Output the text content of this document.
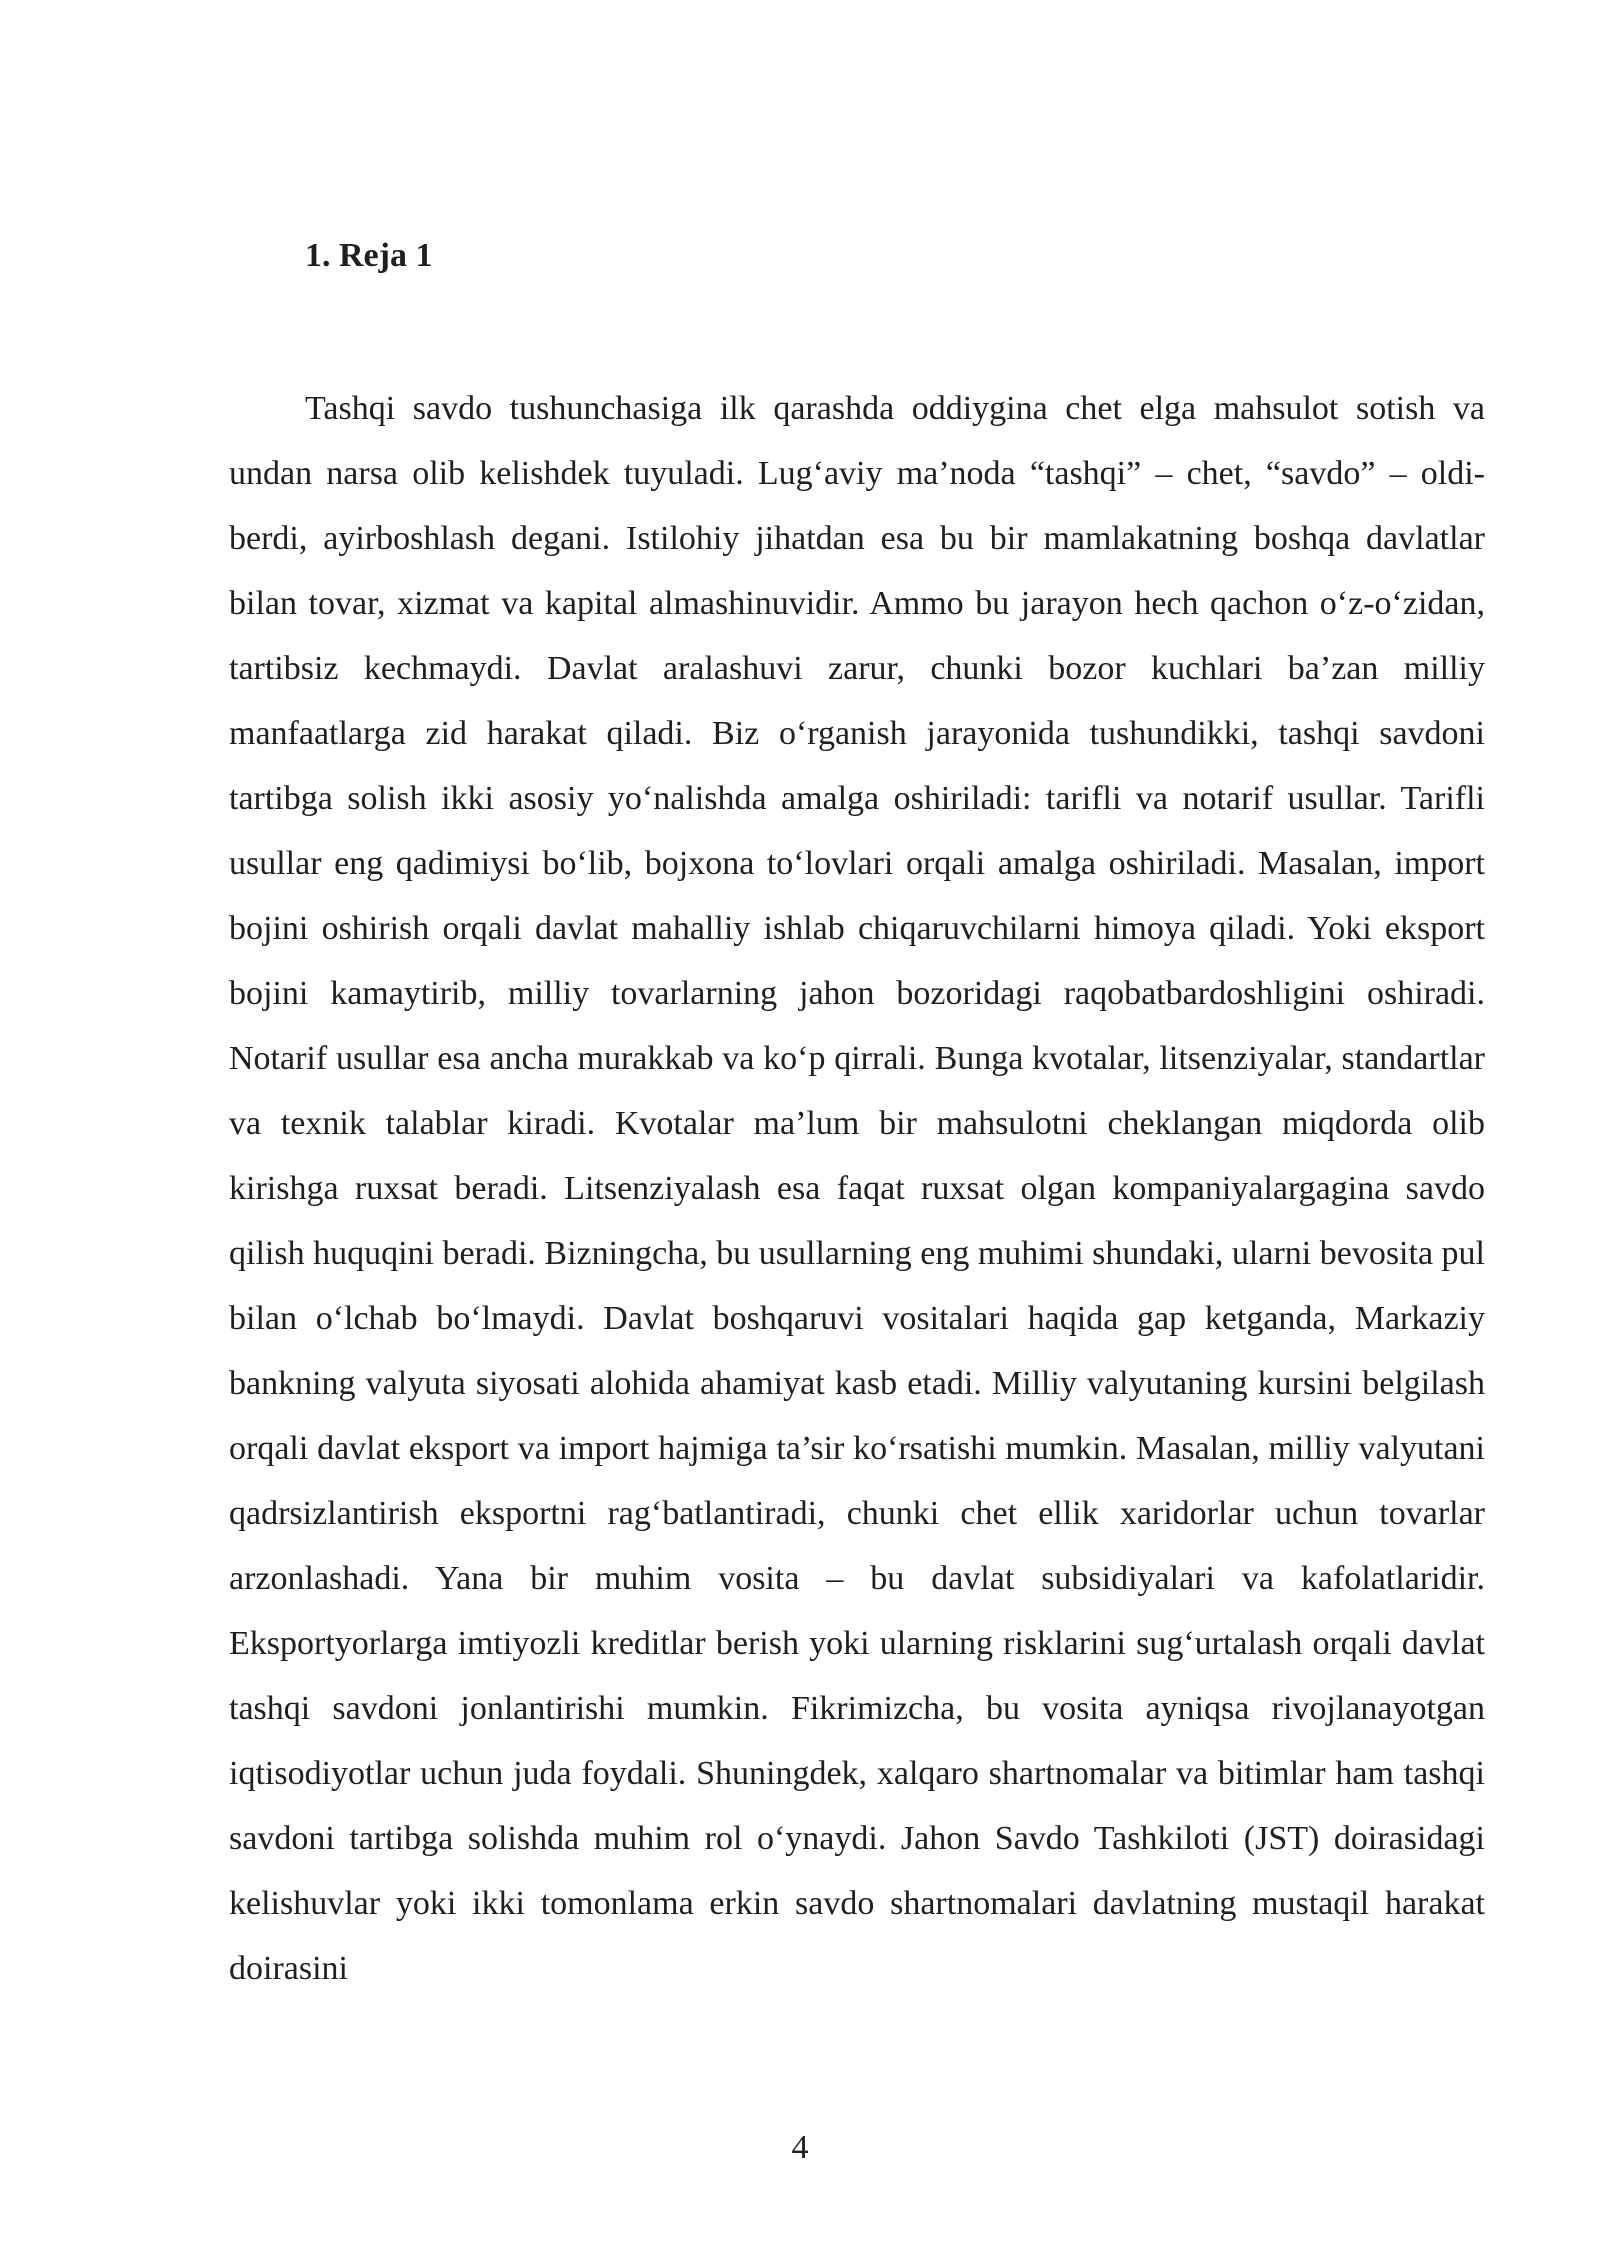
1. Reja 1

Tashqi savdo tushunchasiga ilk qarashda oddiygina chet elga mahsulot sotish va undan narsa olib kelishdek tuyuladi. Lug‘aviy ma’noda “tashqi” – chet, “savdo” – oldi-berdi, ayirboshlash degani. Istilohiy jihatdan esa bu bir mamlakatning boshqa davlatlar bilan tovar, xizmat va kapital almashinuvidir. Ammo bu jarayon hech qachon o‘z-o‘zidan, tartibsiz kechmaydi. Davlat aralashuvi zarur, chunki bozor kuchlari ba’zan milliy manfaatlarga zid harakat qiladi. Biz o‘rganish jarayonida tushundikki, tashqi savdoni tartibga solish ikki asosiy yo‘nalishda amalga oshiriladi: tarifli va notarif usullar. Tarifli usullar eng qadimiysi bo‘lib, bojxona to‘lovlari orqali amalga oshiriladi. Masalan, import bojini oshirish orqali davlat mahalliy ishlab chiqaruvchilarni himoya qiladi. Yoki eksport bojini kamaytirib, milliy tovarlarning jahon bozoridagi raqobatbardoshligini oshiradi. Notarif usullar esa ancha murakkab va ko‘p qirrali. Bunga kvotalar, litsenziyalar, standartlar va texnik talablar kiradi. Kvotalar ma’lum bir mahsulotni cheklangan miqdorda olib kirishga ruxsat beradi. Litsenziyalash esa faqat ruxsat olgan kompaniyalargagina savdo qilish huquqini beradi. Bizningcha, bu usullarning eng muhimi shundaki, ularni bevosita pul bilan o‘lchab bo‘lmaydi. Davlat boshqaruvi vositalari haqida gap ketganda, Markaziy bankning valyuta siyosati alohida ahamiyat kasb etadi. Milliy valyutaning kursini belgilash orqali davlat eksport va import hajmiga ta’sir ko‘rsatishi mumkin. Masalan, milliy valyutani qadrsizlantirish eksportni rag‘batlantiradi, chunki chet ellik xaridorlar uchun tovarlar arzonlashadi. Yana bir muhim vosita – bu davlat subsidiyalari va kafolatlaridir. Eksportyorlarga imtiyozli kreditlar berish yoki ularning risklarini sug‘urtalash orqali davlat tashqi savdoni jonlantirishi mumkin. Fikrimizcha, bu vosita ayniqsa rivojlanayotgan iqtisodiyotlar uchun juda foydali. Shuningdek, xalqaro shartnomalar va bitimlar ham tashqi savdoni tartibga solishda muhim rol o‘ynaydi. Jahon Savdo Tashkiloti (JST) doirasidagi kelishuvlar yoki ikki tomonlama erkin savdo shartnomalari davlatning mustaqil harakat doirasini

4
